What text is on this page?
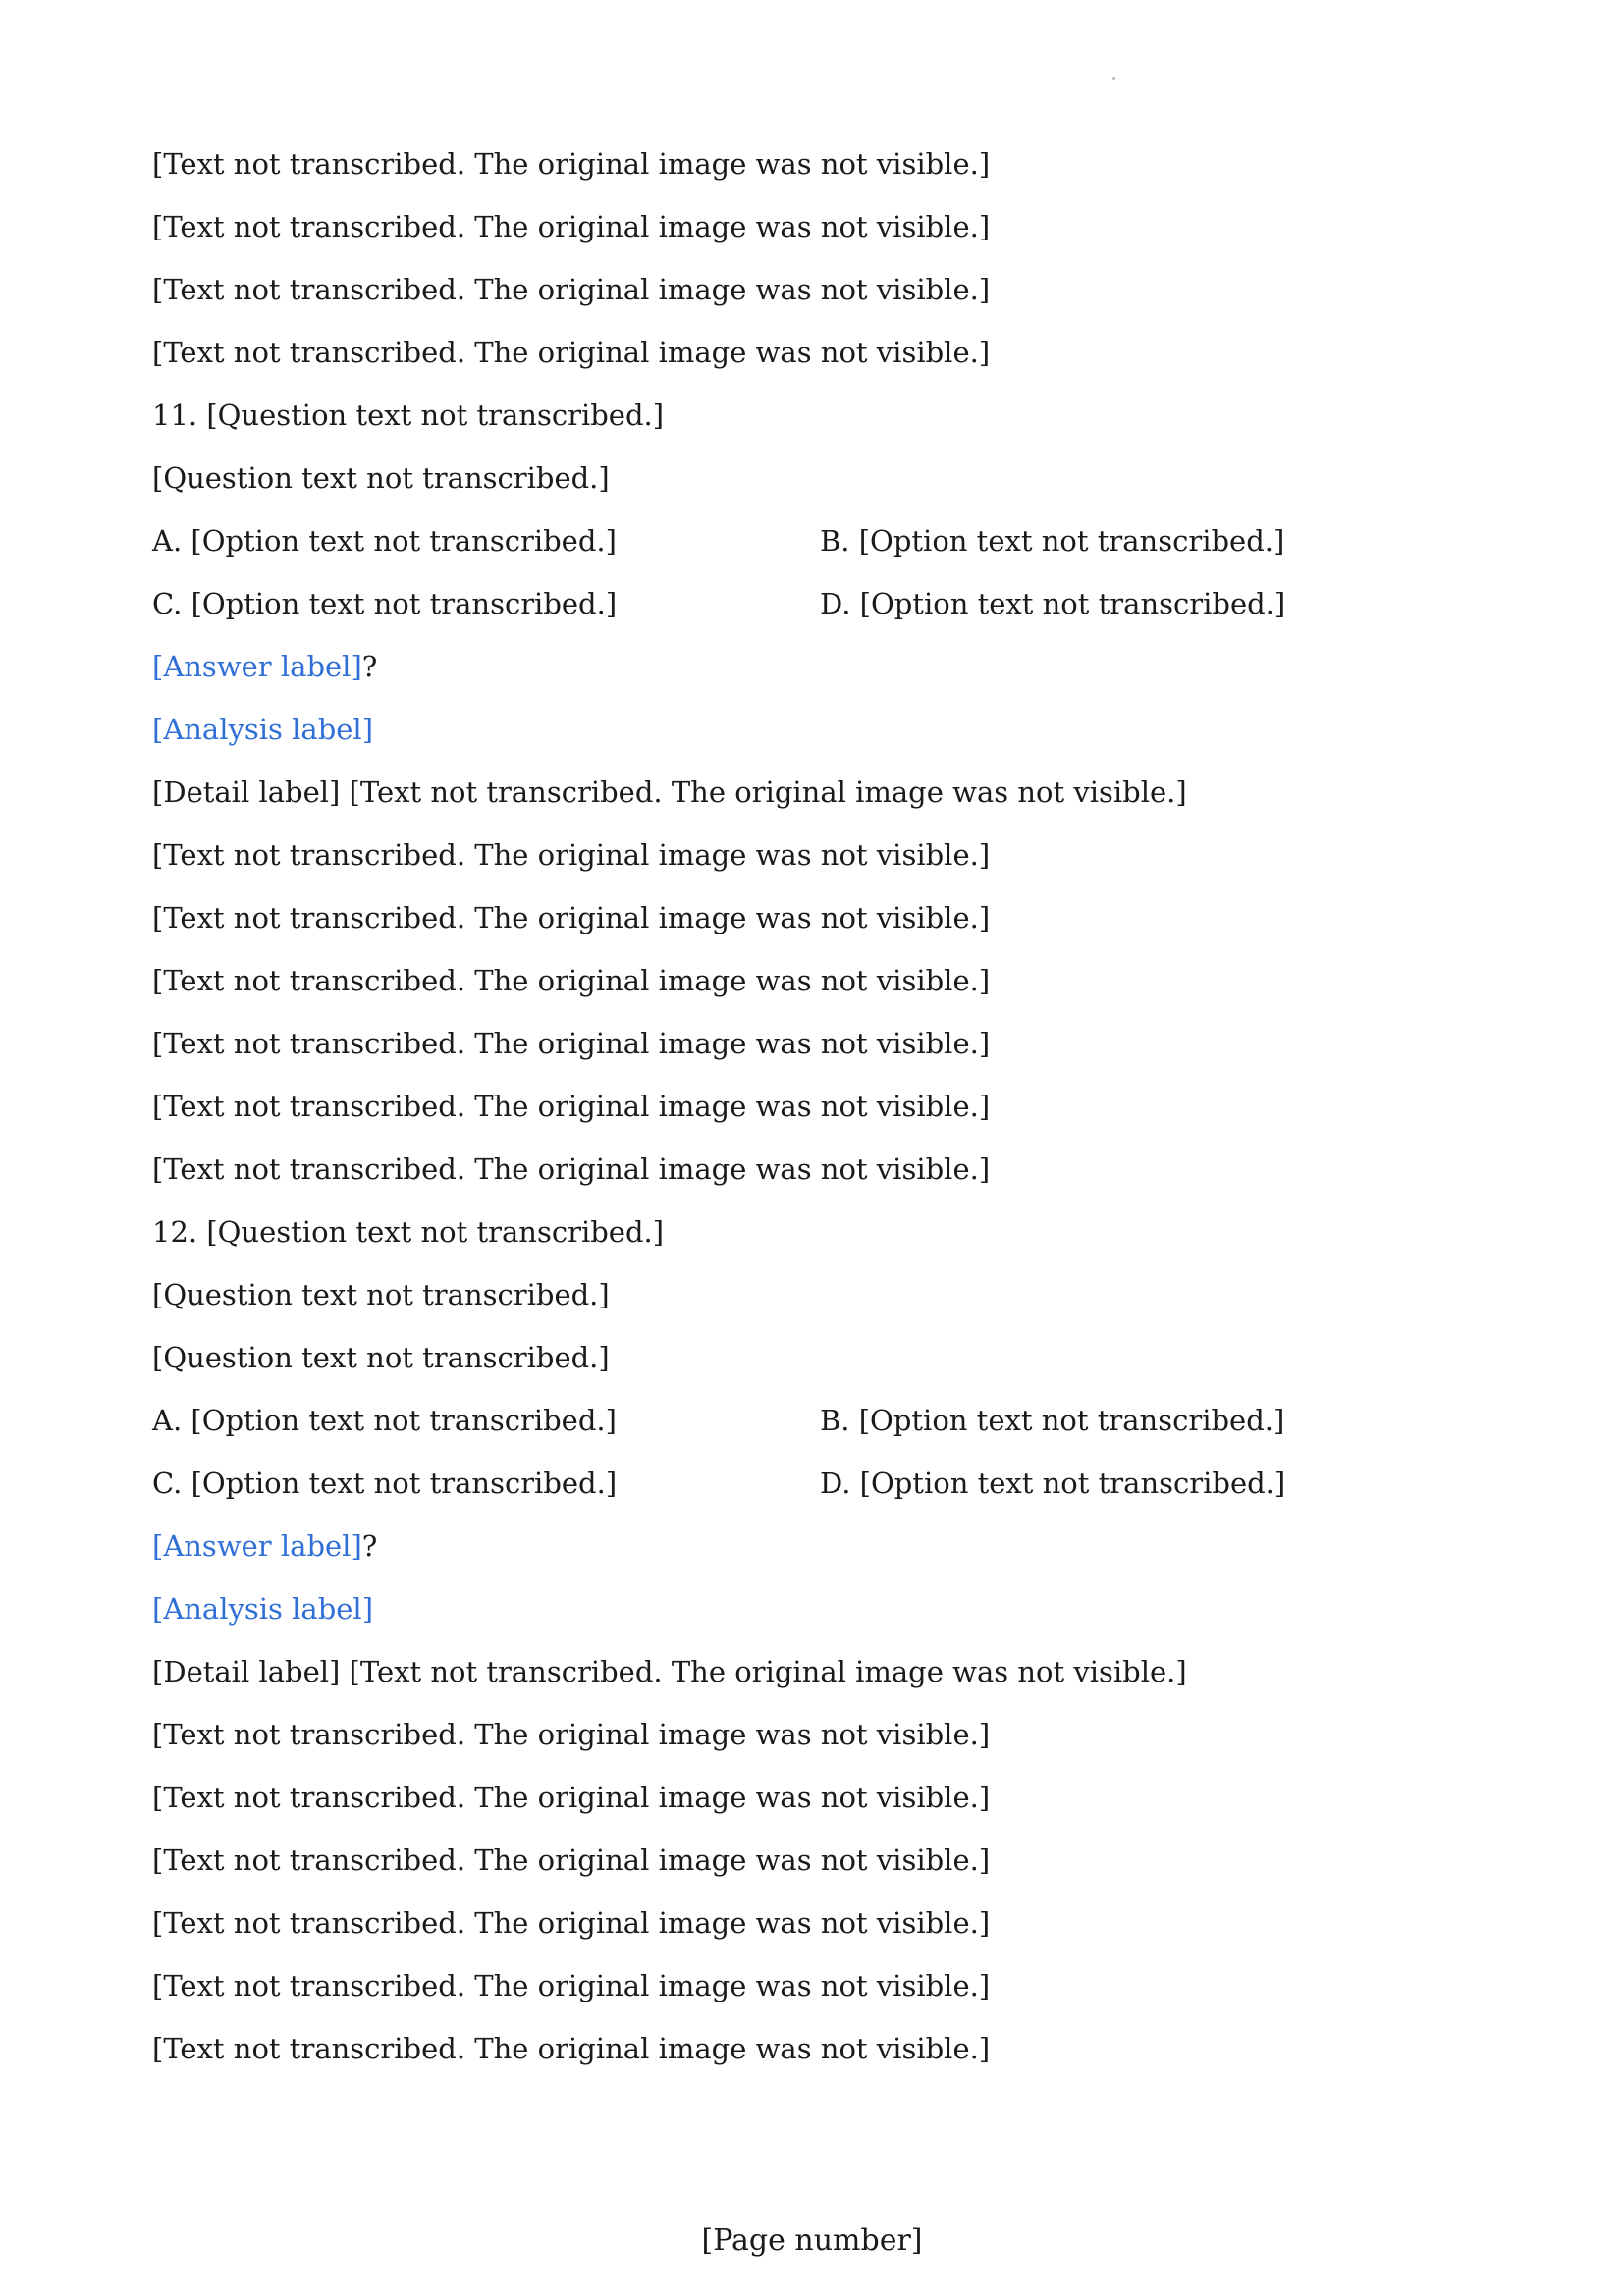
[Text not transcribed. The original image was not visible.]
[Text not transcribed. The original image was not visible.]
[Text not transcribed. The original image was not visible.]
[Text not transcribed. The original image was not visible.]

11. [Question text not transcribed.]
[Question text not transcribed.]

A. [Option text not transcribed.]	B. [Option text not transcribed.]
C. [Option text not transcribed.]	D. [Option text not transcribed.]

[Answer label]?

[Analysis label]

[Detail label] [Text not transcribed. The original image was not visible.]
[Text not transcribed. The original image was not visible.]
[Text not transcribed. The original image was not visible.]
[Text not transcribed. The original image was not visible.]
[Text not transcribed. The original image was not visible.]
[Text not transcribed. The original image was not visible.]
[Text not transcribed. The original image was not visible.]

12. [Question text not transcribed.]
[Question text not transcribed.]
[Question text not transcribed.]

A. [Option text not transcribed.]	B. [Option text not transcribed.]
C. [Option text not transcribed.]	D. [Option text not transcribed.]

[Answer label]?

[Analysis label]

[Detail label] [Text not transcribed. The original image was not visible.]
[Text not transcribed. The original image was not visible.]
[Text not transcribed. The original image was not visible.]
[Text not transcribed. The original image was not visible.]
[Text not transcribed. The original image was not visible.]
[Text not transcribed. The original image was not visible.]
[Text not transcribed. The original image was not visible.]

[Page number]
